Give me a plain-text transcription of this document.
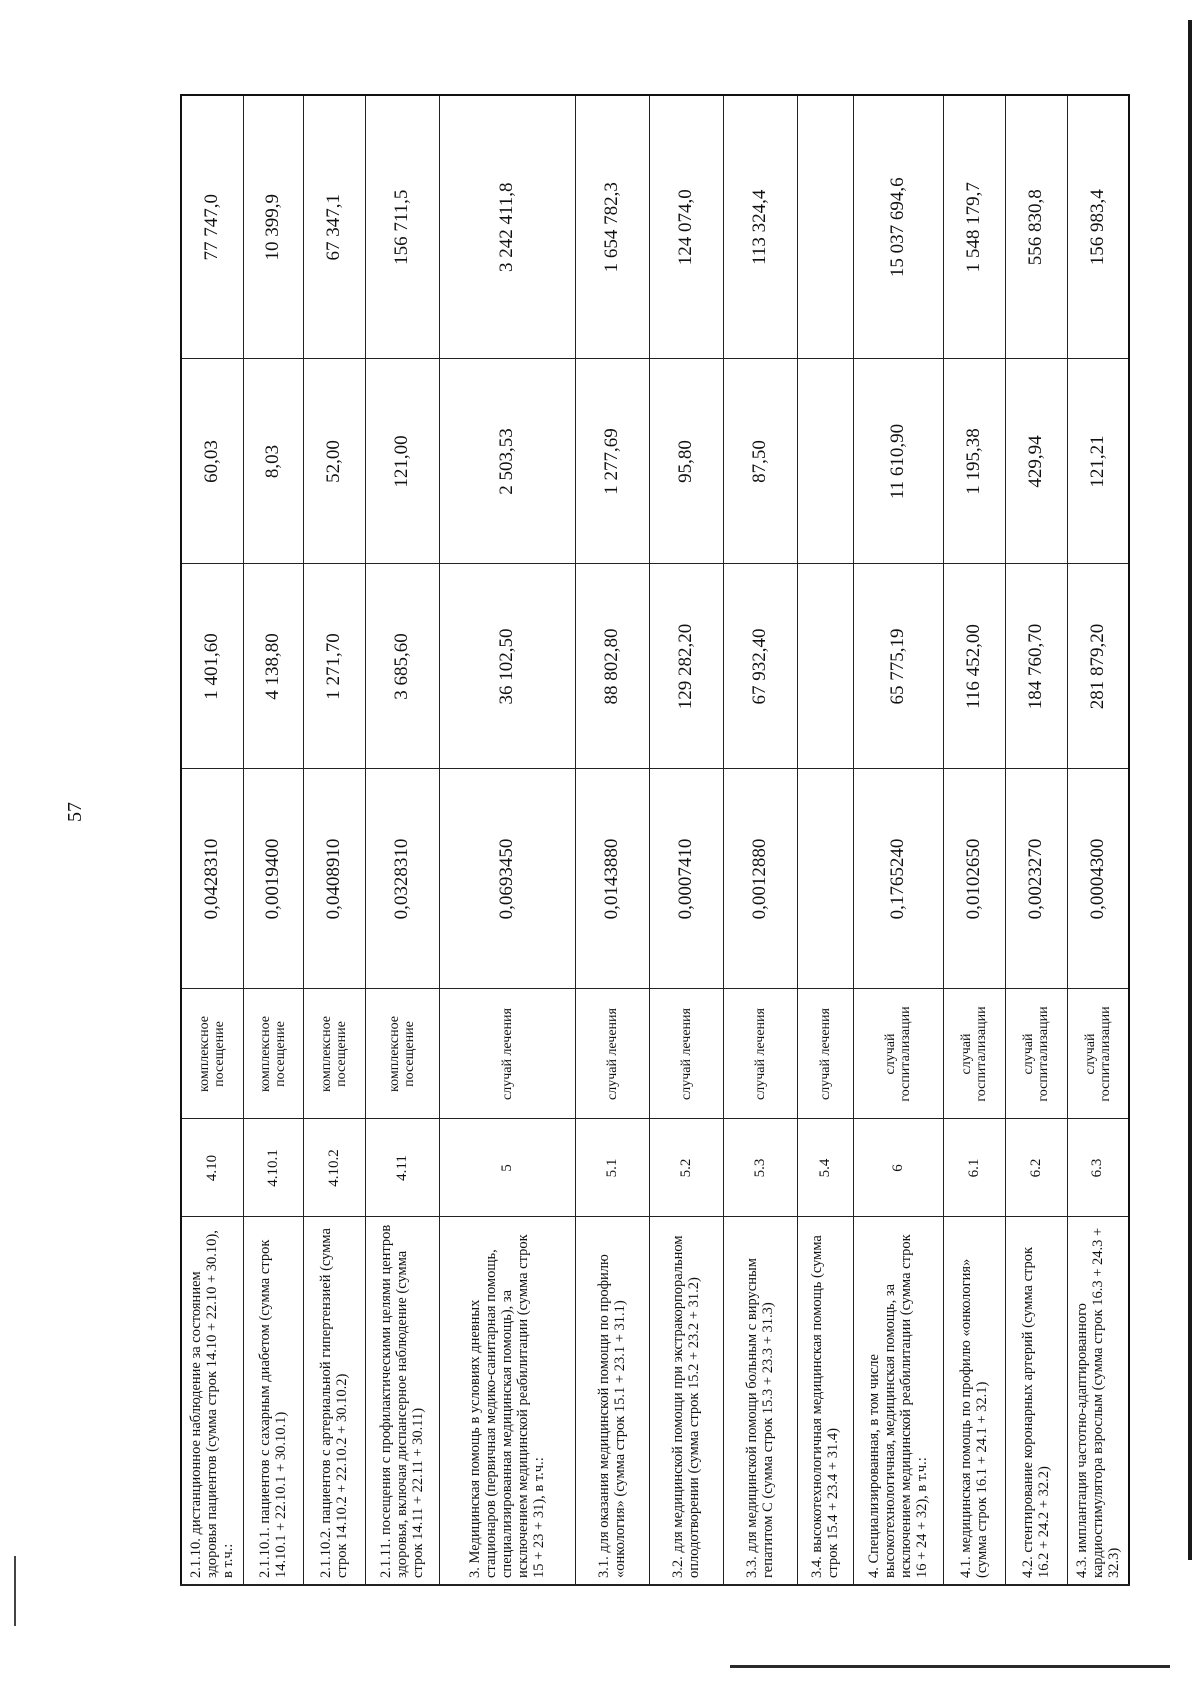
57
2.1.10. дистанционное наблюдение за состоянием здоровья пациентов (сумма строк 14.10 + 22.10 + 30.10), в т.ч.:	4.10	комплексное посещение	0,0428310	1 401,60	60,03	77 747,0
2.1.10.1. пациентов с сахарным диабетом (сумма строк 14.10.1 + 22.10.1 + 30.10.1)	4.10.1	комплексное посещение	0,0019400	4 138,80	8,03	10 399,9
2.1.10.2. пациентов с артериальной гипертензией (сумма строк 14.10.2 + 22.10.2 + 30.10.2)	4.10.2	комплексное посещение	0,0408910	1 271,70	52,00	67 347,1
2.1.11. посещения с профилактическими целями центров здоровья, включая диспансерное наблюдение (сумма строк 14.11 + 22.11 + 30.11)	4.11	комплексное посещение	0,0328310	3 685,60	121,00	156 711,5
3. Медицинская помощь в условиях дневных стационаров (первичная медико-санитарная помощь, специализированная медицинская помощь), за исключением медицинской реабилитации (сумма строк 15 + 23 + 31), в т.ч.:	5	случай лечения	0,0693450	36 102,50	2 503,53	3 242 411,8
3.1. для оказания медицинской помощи по профилю «онкология» (сумма строк 15.1 + 23.1 + 31.1)	5.1	случай лечения	0,0143880	88 802,80	1 277,69	1 654 782,3
3.2. для медицинской помощи при экстракорпоральном оплодотворении (сумма строк 15.2 + 23.2 + 31.2)	5.2	случай лечения	0,0007410	129 282,20	95,80	124 074,0
3.3. для медицинской помощи больным с вирусным гепатитом С (сумма строк 15.3 + 23.3 + 31.3)	5.3	случай лечения	0,0012880	67 932,40	87,50	113 324,4
3.4. высокотехнологичная медицинская помощь (сумма строк 15.4 + 23.4 + 31.4)	5.4	случай лечения				
4. Специализированная, в том числе высокотехнологичная, медицинская помощь, за исключением медицинской реабилитации (сумма строк 16 + 24 + 32), в т.ч.:	6	случай госпитализации	0,1765240	65 775,19	11 610,90	15 037 694,6
4.1. медицинская помощь по профилю «онкология» (сумма строк 16.1 + 24.1 + 32.1)	6.1	случай госпитализации	0,0102650	116 452,00	1 195,38	1 548 179,7
4.2. стентирование коронарных артерий (сумма строк 16.2 + 24.2 + 32.2)	6.2	случай госпитализации	0,0023270	184 760,70	429,94	556 830,8
4.3. имплантация частотно-адаптированного кардиостимулятора взрослым (сумма строк 16.3 + 24.3 + 32.3)	6.3	случай госпитализации	0,0004300	281 879,20	121,21	156 983,4
